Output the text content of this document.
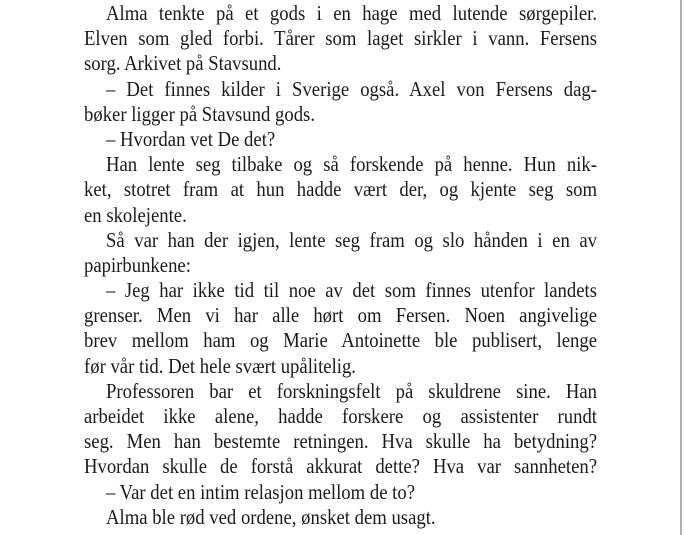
Alma tenkte på et gods i en hage med lutende sørgepiler.
Elven som gled forbi. Tårer som laget sirkler i vann. Fersens
sorg. Arkivet på Stavsund.
– Det finnes kilder i Sverige også. Axel von Fersens dag-
bøker ligger på Stavsund gods.
– Hvordan vet De det?
Han lente seg tilbake og så forskende på henne. Hun nik-
ket, stotret fram at hun hadde vært der, og kjente seg som
en skolejente.
Så var han der igjen, lente seg fram og slo hånden i en av
papirbunkene:
– Jeg har ikke tid til noe av det som finnes utenfor landets
grenser. Men vi har alle hørt om Fersen. Noen angivelige
brev mellom ham og Marie Antoinette ble publisert, lenge
før vår tid. Det hele svært upålitelig.
Professoren bar et forskningsfelt på skuldrene sine. Han
arbeidet ikke alene, hadde forskere og assistenter rundt
seg. Men han bestemte retningen. Hva skulle ha betydning?
Hvordan skulle de forstå akkurat dette? Hva var sannheten?
– Var det en intim relasjon mellom de to?
Alma ble rød ved ordene, ønsket dem usagt.
